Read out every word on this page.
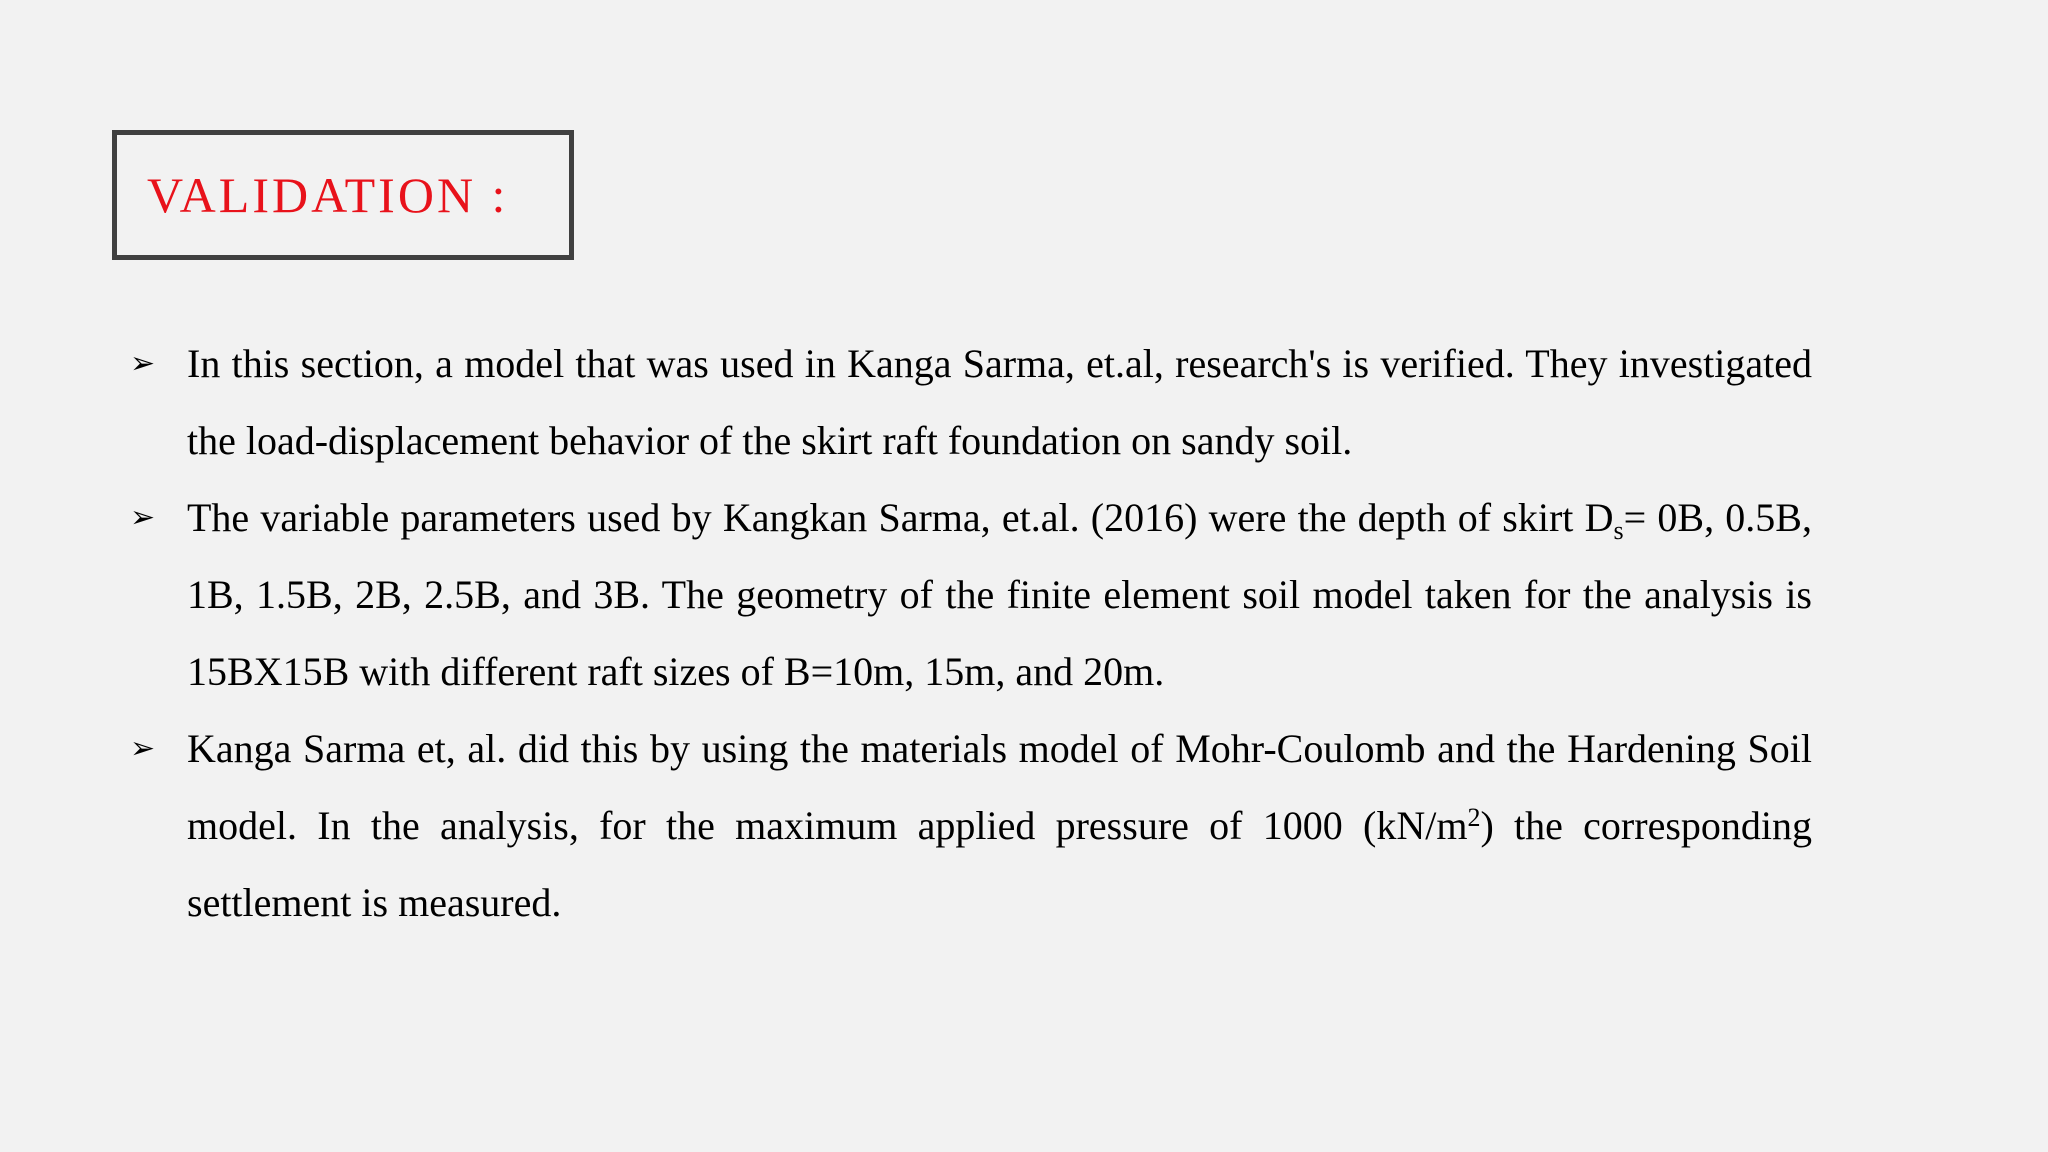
VALIDATION :
➢ In this section, a model that was used in Kanga Sarma, et.al, research's is verified. They investigated the load-displacement behavior of the skirt raft foundation on sandy soil.
➢ The variable parameters used by Kangkan Sarma, et.al. (2016) were the depth of skirt $D_s= 0B$, 0.5B, 1B, 1.5B, 2B, 2.5B, and 3B. The geometry of the finite element soil model taken for the analysis is 15BX15B with different raft sizes of B=10m, 15m, and 20m.
➢ Kanga Sarma et, al. did this by using the materials model of Mohr-Coulomb and the Hardening Soil model. In the analysis, for the maximum applied pressure of 1000 $(kN/m^2)$ the corresponding settlement is measured.
